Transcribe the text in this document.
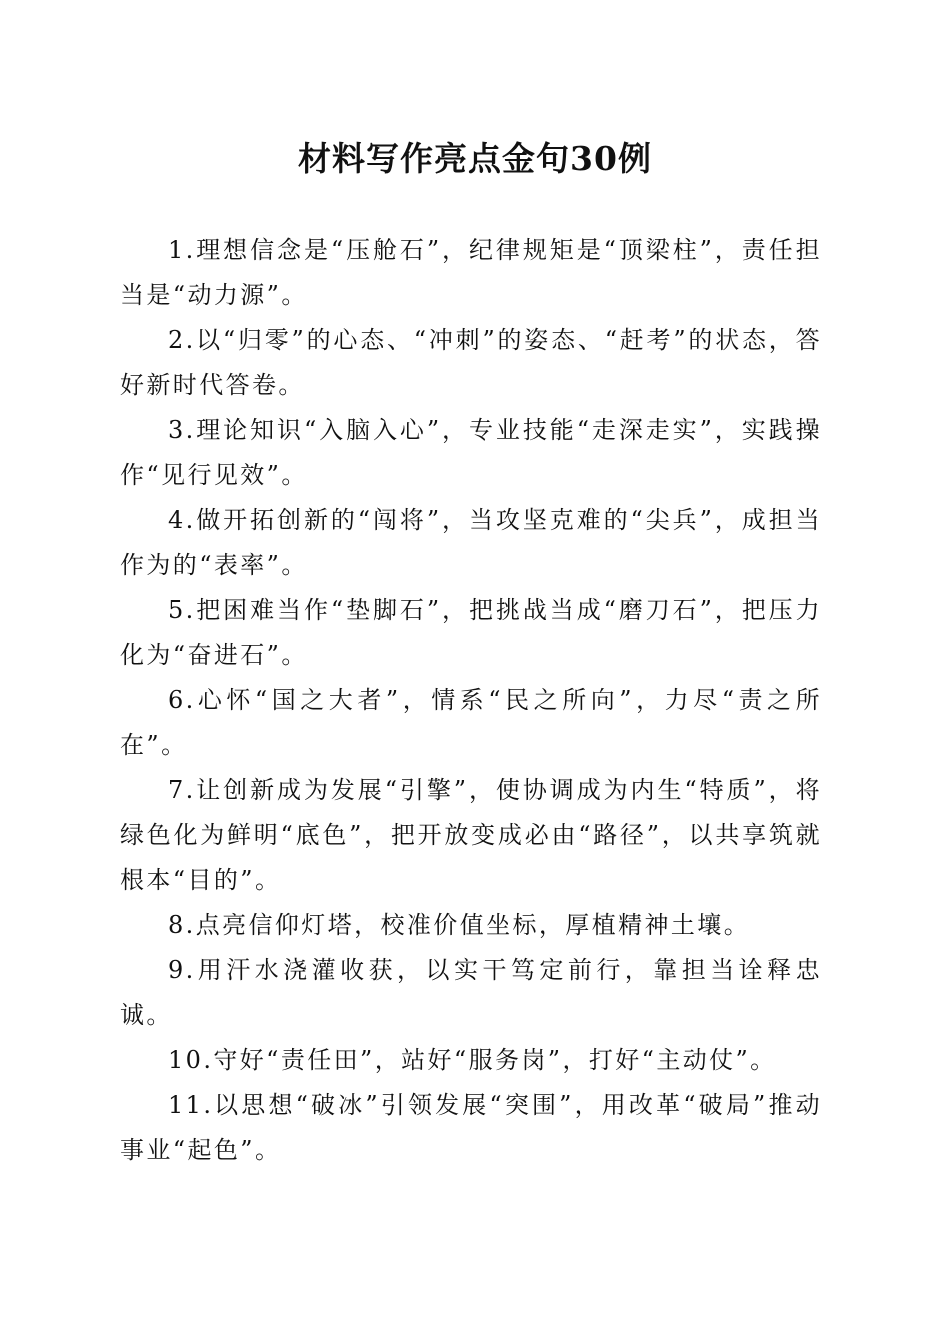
材料写作亮点金句30例

1.理想信念是“压舱石”，纪律规矩是“顶梁柱”，责任担当是“动力源”。

2.以“归零”的心态、“冲刺”的姿态、“赶考”的状态，答好新时代答卷。

3.理论知识“入脑入心”，专业技能“走深走实”，实践操作“见行见效”。

4.做开拓创新的“闯将”，当攻坚克难的“尖兵”，成担当作为的“表率”。

5.把困难当作“垫脚石”，把挑战当成“磨刀石”，把压力化为“奋进石”。

6.心怀“国之大者”，情系“民之所向”，力尽“责之所在”。

7.让创新成为发展“引擎”，使协调成为内生“特质”，将绿色化为鲜明“底色”，把开放变成必由“路径”，以共享筑就根本“目的”。

8.点亮信仰灯塔，校准价值坐标，厚植精神土壤。

9.用汗水浇灌收获，以实干笃定前行，靠担当诠释忠诚。

10.守好“责任田”，站好“服务岗”，打好“主动仗”。

11.以思想“破冰”引领发展“突围”，用改革“破局”推动事业“起色”。
